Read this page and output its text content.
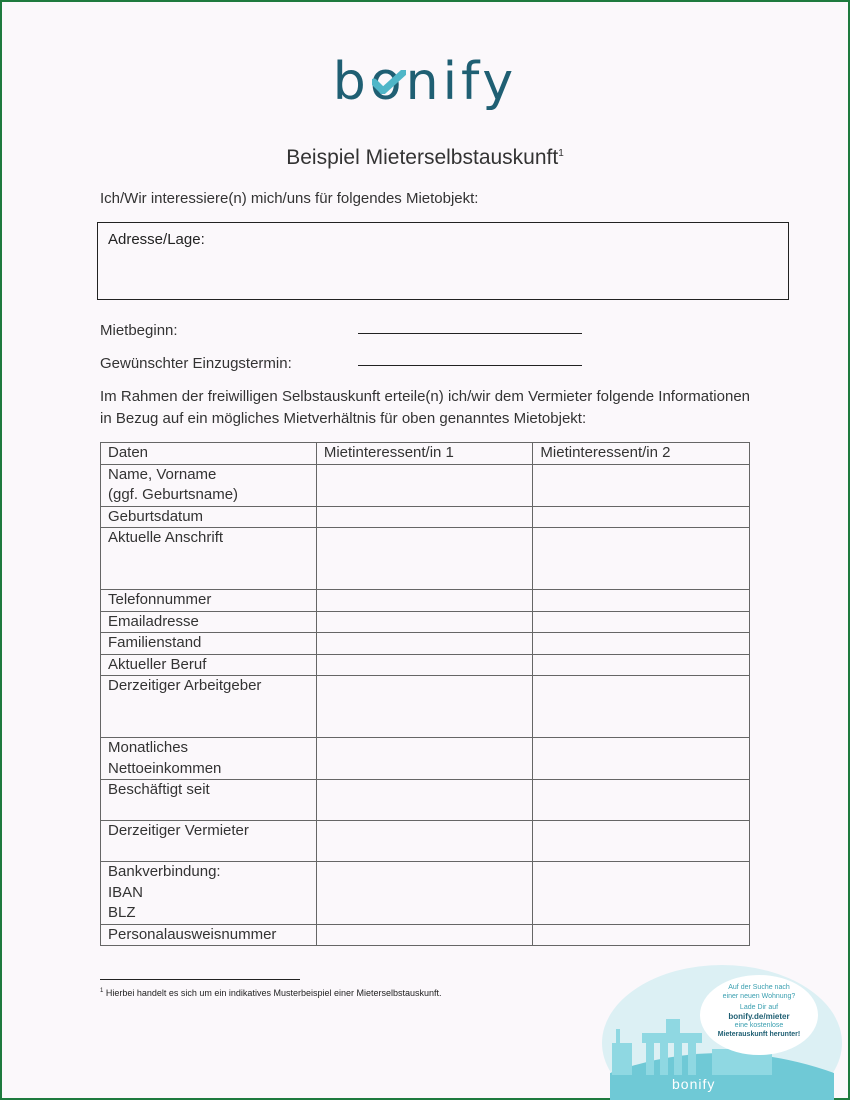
bo
nify
Beispiel Mieterselbstauskunft$^1$
Ich/Wir interessiere(n) mich/uns für folgendes Mietobjekt:
Adresse/Lage:
Mietbeginn:
Gewünschter Einzugstermin:
Im Rahmen der freiwilligen Selbstauskunft erteile(n) ich/wir dem Vermieter folgende Informationen in Bezug auf ein mögliches Mietverhältnis für oben genanntes Mietobjekt:
Daten	Mietinteressent/in 1	Mietinteressent/in 2

Name, Vorname
(ggf. Geburtsname)		

Geburtsdatum		

Aktuelle Anschrift		

Telefonnummer		

Emailadresse		

Familienstand		

Aktueller Beruf		

Derzeitiger Arbeitgeber		

Monatliches
Nettoeinkommen		

Beschäftigt seit		

Derzeitiger Vermieter		

Bankverbindung:
IBAN
BLZ		

Personalausweisnummer		

$^1$ Hierbei handelt es sich um ein indikatives Musterbeispiel einer Mieterselbstauskunft.
Auf der Suche nach
einer neuen Wohnung?
Lade Dir auf
bonify.de/mieter
eine kostenlose
Mieterauskunft herunter!
bonify
